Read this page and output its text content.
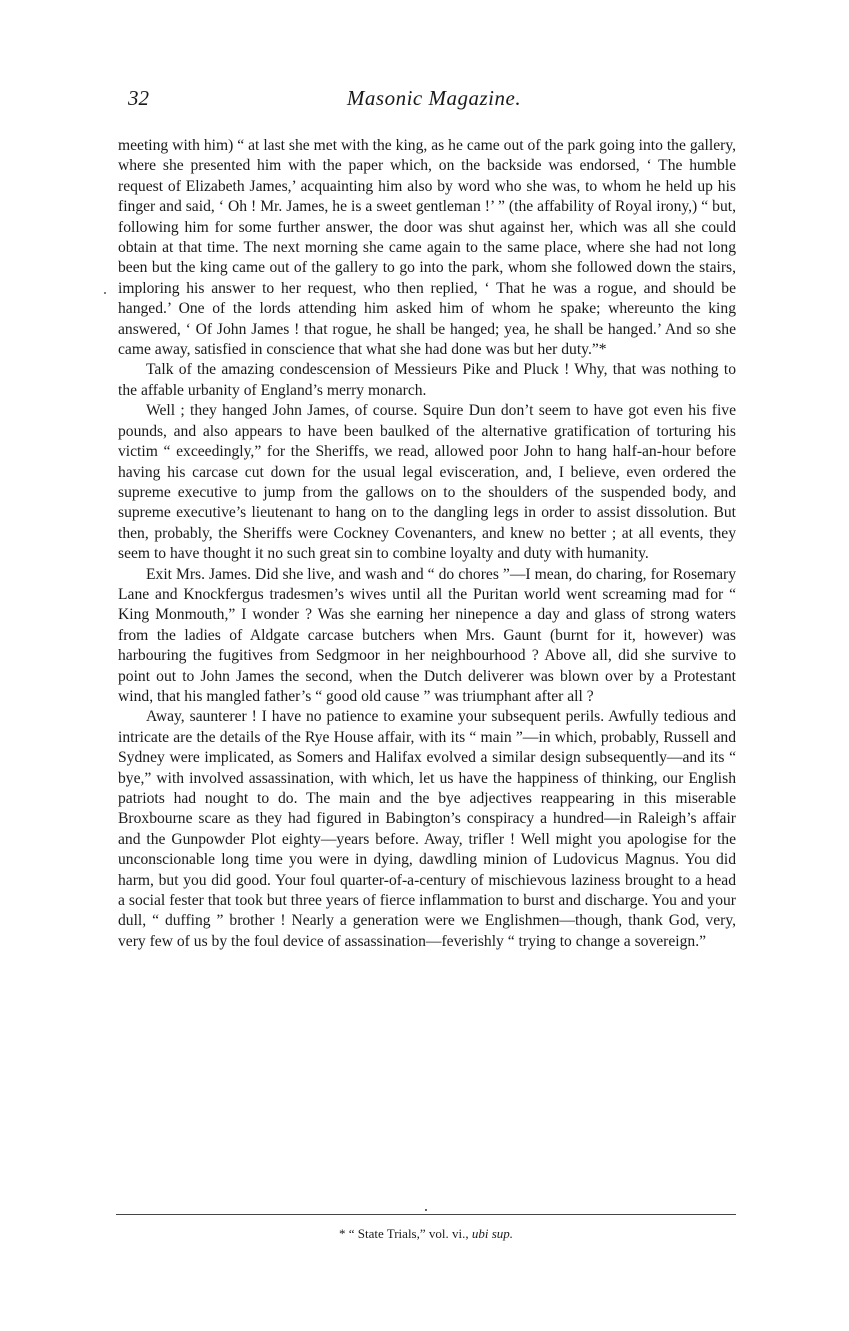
32	Masonic Magazine.

meeting with him) “ at last she met with the king, as he came out of the park going into the gallery, where she presented him with the paper which, on the backside was endorsed, ‘ The humble request of Elizabeth James,’ acquainting him also by word who she was, to whom he held up his finger and said, ‘ Oh ! Mr. James, he is a sweet gentleman !’ ” (the affability of Royal irony,) “ but, following him for some further answer, the door was shut against her, which was all she could obtain at that time. The next morning she came again to the same place, where she had not long been but the king came out of the gallery to go into the park, whom she followed down the stairs, imploring his answer to her request, who then replied, ‘ That he was a rogue, and should be hanged.’ One of the lords attending him asked him of whom he spake; whereunto the king answered, ‘ Of John James ! that rogue, he shall be hanged; yea, he shall be hanged.’ And so she came away, satisfied in conscience that what she had done was but her duty.”*

Talk of the amazing condescension of Messieurs Pike and Pluck ! Why, that was nothing to the affable urbanity of England’s merry monarch.

Well ; they hanged John James, of course. Squire Dun don’t seem to have got even his five pounds, and also appears to have been baulked of the alternative gratification of torturing his victim “ exceedingly,” for the Sheriffs, we read, allowed poor John to hang half-an-hour before having his carcase cut down for the usual legal evisceration, and, I believe, even ordered the supreme executive to jump from the gallows on to the shoulders of the suspended body, and supreme executive’s lieutenant to hang on to the dangling legs in order to assist dissolution. But then, probably, the Sheriffs were Cockney Covenanters, and knew no better ; at all events, they seem to have thought it no such great sin to combine loyalty and duty with humanity.

Exit Mrs. James. Did she live, and wash and “ do chores ”—I mean, do charing, for Rosemary Lane and Knockfergus tradesmen’s wives until all the Puritan world went screaming mad for “ King Monmouth,” I wonder ? Was she earning her ninepence a day and glass of strong waters from the ladies of Aldgate carcase butchers when Mrs. Gaunt (burnt for it, however) was harbouring the fugitives from Sedgmoor in her neighbourhood ? Above all, did she survive to point out to John James the second, when the Dutch deliverer was blown over by a Protestant wind, that his mangled father’s “ good old cause ” was triumphant after all ?

Away, saunterer ! I have no patience to examine your subsequent perils. Awfully tedious and intricate are the details of the Rye House affair, with its “ main ”—in which, probably, Russell and Sydney were implicated, as Somers and Halifax evolved a similar design subsequently—and its “ bye,” with involved assassination, with which, let us have the happiness of thinking, our English patriots had nought to do. The main and the bye adjectives reappearing in this miserable Broxbourne scare as they had figured in Babington’s conspiracy a hundred—in Raleigh’s affair and the Gunpowder Plot eighty—years before. Away, trifler ! Well might you apologise for the unconscionable long time you were in dying, dawdling minion of Ludovicus Magnus. You did harm, but you did good. Your foul quarter-of-a-century of mischievous laziness brought to a head a social fester that took but three years of fierce inflammation to burst and discharge. You and your dull, “ duffing ” brother ! Nearly a generation were we Englishmen—though, thank God, very, very few of us by the foul device of assassination—feverishly “ trying to change a sovereign.”

* “ State Trials,” vol. vi., ubi sup.
